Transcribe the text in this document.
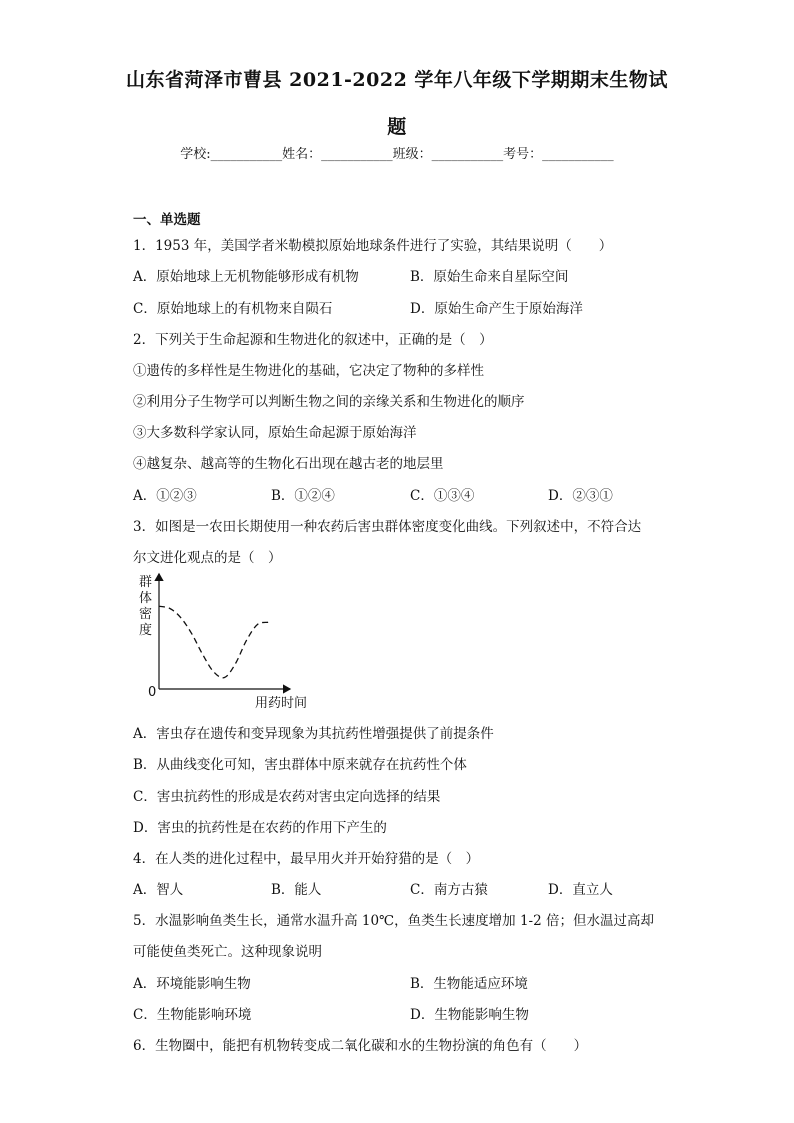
山东省菏泽市曹县 2021-2022 学年八年级下学期期末生物试
题
学校:___________姓名：___________班级：___________考号：___________
一、单选题
1．1953 年，美国学者米勒模拟原始地球条件进行了实验，其结果说明（　　）
A．原始地球上无机物能够形成有机物	B．原始生命来自星际空间
C．原始地球上的有机物来自陨石	D．原始生命产生于原始海洋
2．下列关于生命起源和生物进化的叙述中，正确的是（　）
①遗传的多样性是生物进化的基础，它决定了物种的多样性
②利用分子生物学可以判断生物之间的亲缘关系和生物进化的顺序
③大多数科学家认同，原始生命起源于原始海洋
④越复杂、越高等的生物化石出现在越古老的地层里
A．①②③	B．①②④	C．①③④	D．②③①
3．如图是一农田长期使用一种农药后害虫群体密度变化曲线。下列叙述中，不符合达
尔文进化观点的是（　）
群
体
密
度
0
用药时间
A．害虫存在遗传和变异现象为其抗药性增强提供了前提条件
B．从曲线变化可知，害虫群体中原来就存在抗药性个体
C．害虫抗药性的形成是农药对害虫定向选择的结果
D．害虫的抗药性是在农药的作用下产生的
4．在人类的进化过程中，最早用火并开始狩猎的是（　）
A．智人	B．能人	C．南方古猿	D．直立人
5．水温影响鱼类生长，通常水温升高 10℃，鱼类生长速度增加 1-2 倍；但水温过高却
可能使鱼类死亡。这种现象说明
A．环境能影响生物	B．生物能适应环境
C．生物能影响环境	D．生物能影响生物
6．生物圈中，能把有机物转变成二氧化碳和水的生物扮演的角色有（　　）
